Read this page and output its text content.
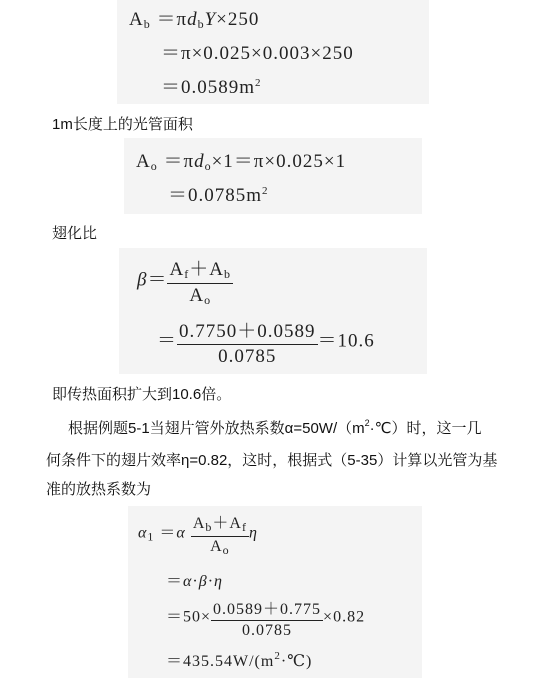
$A_b =\pi d_bY\times 250$
＝π×0.025×0.003×250
$=0.0589m^2$
1m长度上的光管面积
$A_o =\pi d_o\times 1=\pi\times 0.025\times 1$
$=0.0785m^2$
翅化比
$\beta= \frac{A_f+A_b}{A_o}$
＝ $\frac{0.7750+0.0589}{0.0785} =10.6$
即传热面积扩大到10.6倍。
根据例题5-1当翅片管外放热系数$\alpha=50W/(m^2\cdot℃)$时，这一几
何条件下的翅片效率η=0.82，这时，根据式（5-35）计算以光管为基
准的放热系数为
$\alpha_1 =\alpha \frac{A_b+A_f}{A_o}$ η
＝α·β·η
$=50\times \frac{0.0589+0.775}{0.0785} \times 0.82$
$=435.54W/(m^2\cdot℃)$
